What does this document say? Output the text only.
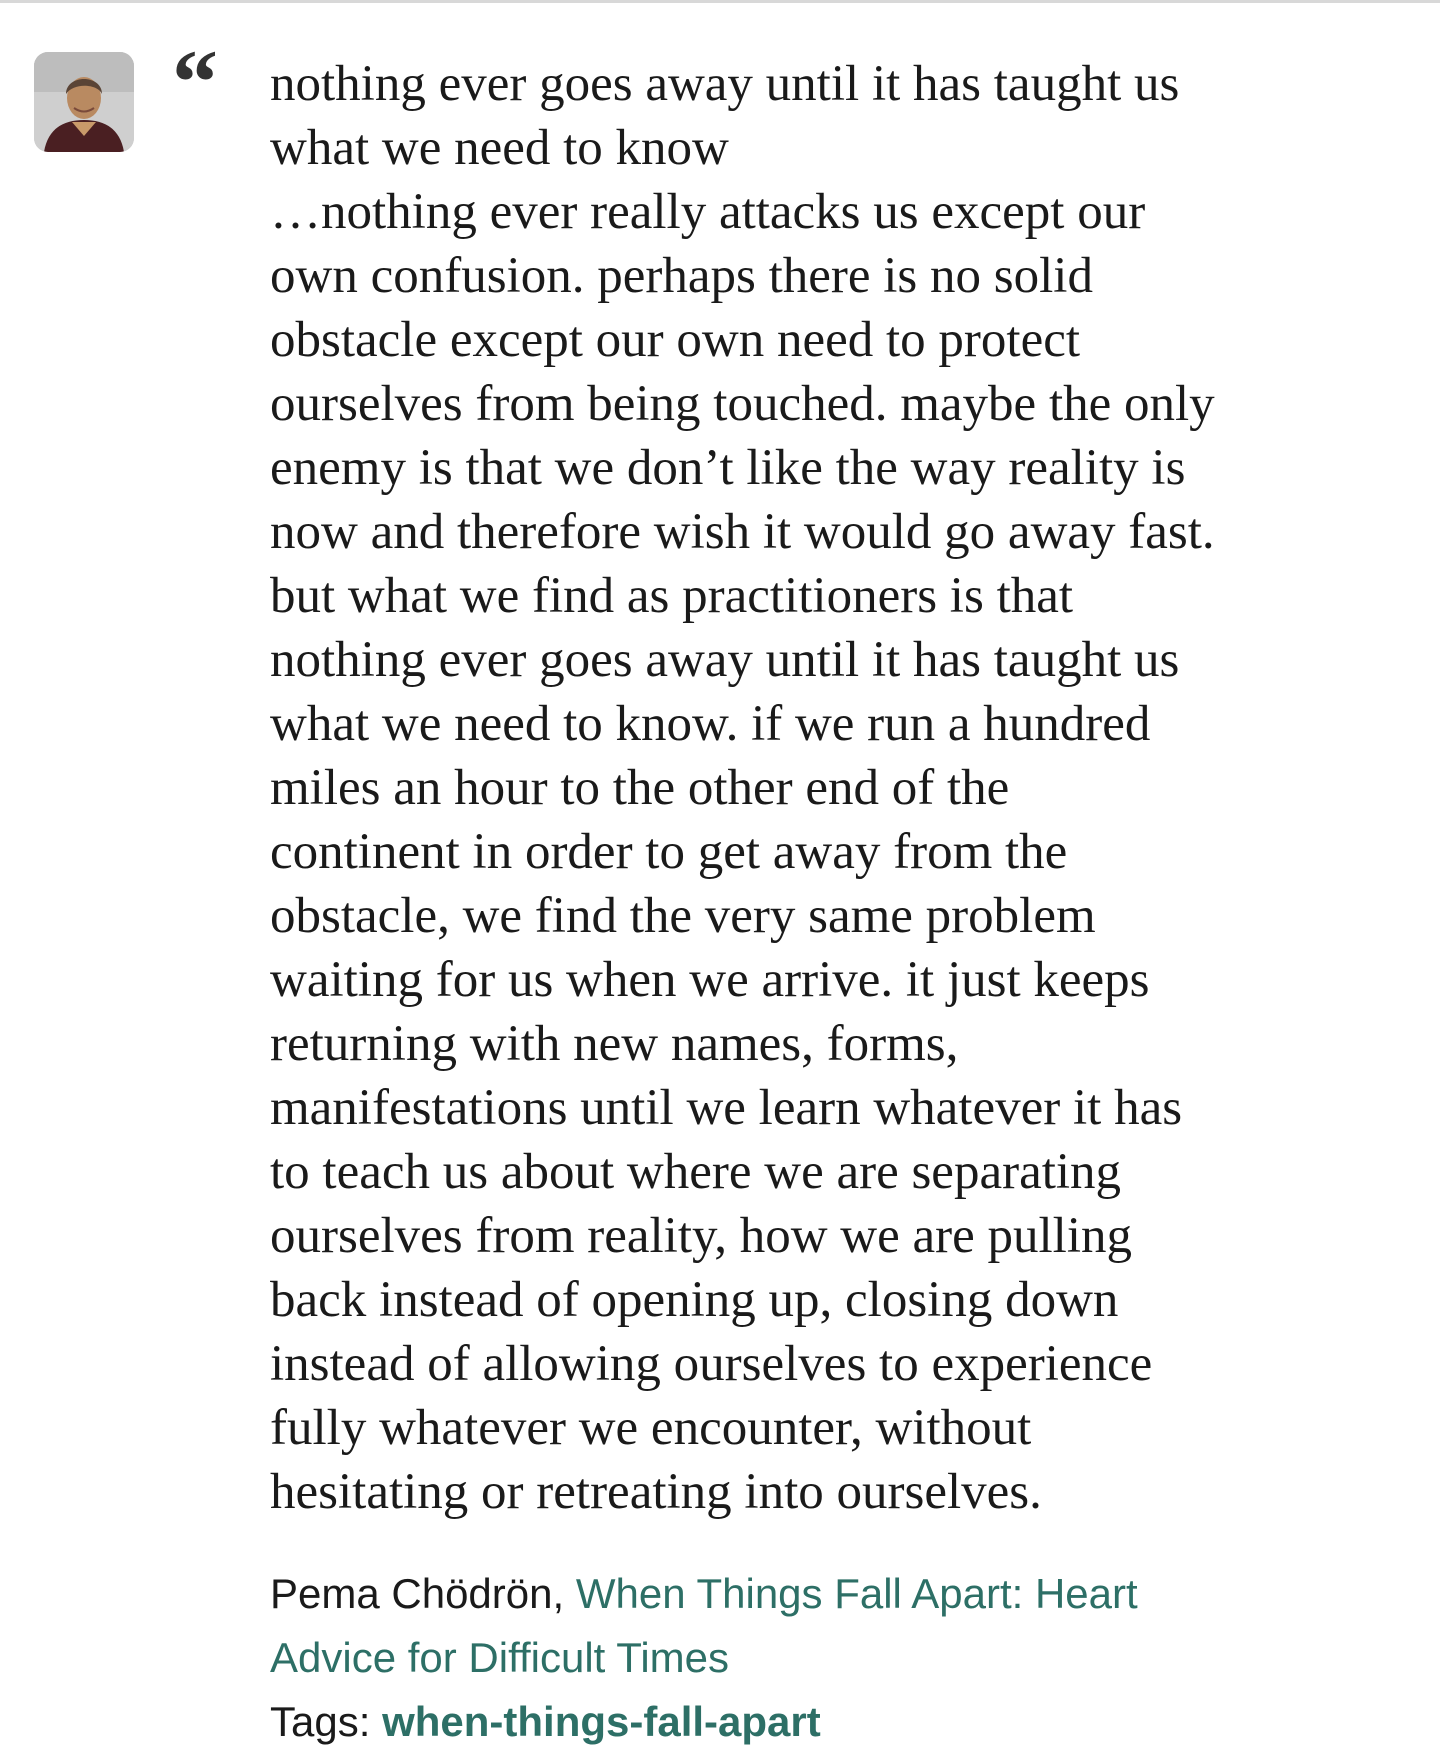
“ nothing ever goes away until it has taught us
what we need to know
…nothing ever really attacks us except our
own confusion. perhaps there is no solid
obstacle except our own need to protect
ourselves from being touched. maybe the only
enemy is that we don’t like the way reality is
now and therefore wish it would go away fast.
but what we find as practitioners is that
nothing ever goes away until it has taught us
what we need to know. if we run a hundred
miles an hour to the other end of the
continent in order to get away from the
obstacle, we find the very same problem
waiting for us when we arrive. it just keeps
returning with new names, forms,
manifestations until we learn whatever it has
to teach us about where we are separating
ourselves from reality, how we are pulling
back instead of opening up, closing down
instead of allowing ourselves to experience
fully whatever we encounter, without
hesitating or retreating into ourselves.
Pema Chödrön, When Things Fall Apart: Heart
Advice for Difficult Times
Tags: when-things-fall-apart
